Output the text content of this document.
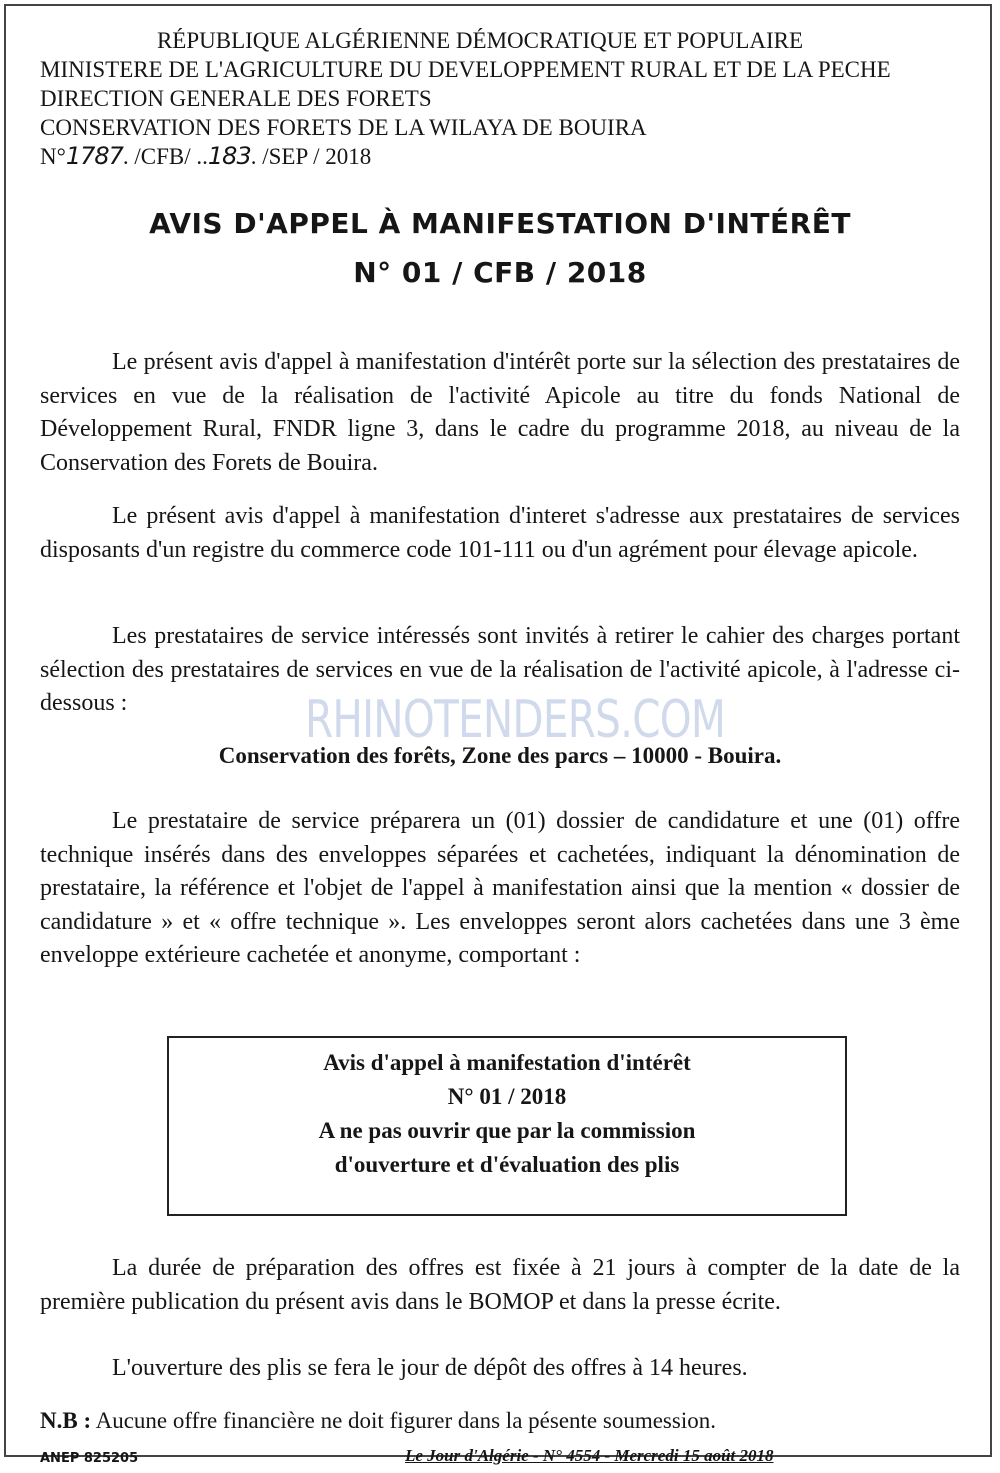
RÉPUBLIQUE ALGÉRIENNE DÉMOCRATIQUE ET POPULAIRE
MINISTERE DE L'AGRICULTURE DU DEVELOPPEMENT RURAL ET DE LA PECHE
DIRECTION GENERALE DES FORETS
CONSERVATION DES FORETS DE LA WILAYA DE BOUIRA
N°1787. /CFB/ ..183. /SEP / 2018
AVIS D'APPEL À MANIFESTATION D'INTÉRÊT
N° 01 / CFB / 2018
Le présent avis d'appel à manifestation d'intérêt porte sur la sélection des prestataires de services en vue de la réalisation de l'activité Apicole au titre du fonds National de Développement Rural, FNDR ligne 3, dans le cadre du programme 2018, au niveau de la Conservation des Forets de Bouira.
Le présent avis d'appel à manifestation d'interet s'adresse aux prestataires de services disposants d'un registre du commerce code 101-111 ou d'un agrément pour élevage apicole.
Les prestataires de service intéressés sont invités à retirer le cahier des charges portant sélection des prestataires de services en vue de la réalisation de l'activité apicole, à l'adresse ci-dessous :	RHINOTENDERS.COM
Conservation des forêts, Zone des parcs – 10000 - Bouira.
Le prestataire de service préparera un (01) dossier de candidature et une (01) offre technique insérés dans des enveloppes séparées et cachetées, indiquant la dénomination de prestataire, la référence et l'objet de l'appel à manifestation ainsi que la mention « dossier de candidature » et « offre technique ». Les enveloppes seront alors cachetées dans une 3 ème enveloppe extérieure cachetée et anonyme, comportant :
Avis d'appel à manifestation d'intérêt
N° 01 / 2018
A ne pas ouvrir que par la commission
d'ouverture et d'évaluation des plis
La durée de préparation des offres est fixée à 21 jours à compter de la date de la première publication du présent avis dans le BOMOP et dans la presse écrite.
L'ouverture des plis se fera le jour de dépôt des offres à 14 heures.
N.B : Aucune offre financière ne doit figurer dans la pésente soumession.
ANEP 825205	Le Jour d'Algérie - N° 4554 - Mercredi 15 août 2018
